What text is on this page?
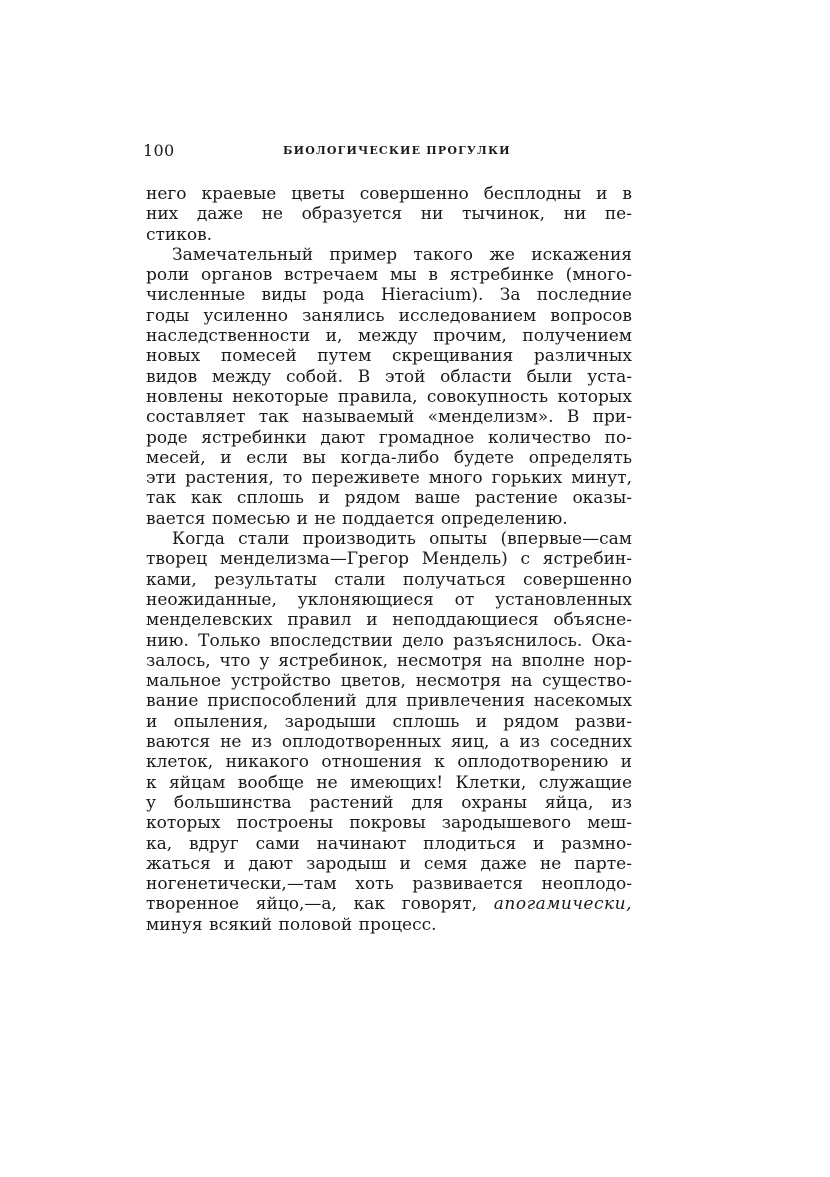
100	БИОЛОГИЧЕСКИЕ ПРОГУЛКИ
него краевые цветы совершенно бесплодны и в
них даже не образуется ни тычинок, ни пе-
стиков.
Замечательный пример такого же искажения
роли органов встречаем мы в ястребинке (много-
численные виды рода Hieracium). За последние
годы усиленно занялись исследованием вопросов
наследственности и, между прочим, получением
новых помесей путем скрещивания различных
видов между собой. В этой области были уста-
новлены некоторые правила, совокупность которых
составляет так называемый «менделизм». В при-
роде ястребинки дают громадное количество по-
месей, и если вы когда-либо будете определять
эти растения, то переживете много горьких минут,
так как сплошь и рядом ваше растение оказы-
вается помесью и не поддается определению.
Когда стали производить опыты (впервые—сам
творец менделизма—Грегор Мендель) с ястребин-
ками, результаты стали получаться совершенно
неожиданные, уклоняющиеся от установленных
менделевских правил и неподдающиеся объясне-
нию. Только впоследствии дело разъяснилось. Ока-
залось, что у ястребинок, несмотря на вполне нор-
мальное устройство цветов, несмотря на существо-
вание приспособлений для привлечения насекомых
и опыления, зародыши сплошь и рядом разви-
ваются не из оплодотворенных яиц, а из соседних
клеток, никакого отношения к оплодотворению и
к яйцам вообще не имеющих! Клетки, служащие
у большинства растений для охраны яйца, из
которых построены покровы зародышевого меш-
ка, вдруг сами начинают плодиться и размно-
жаться и дают зародыш и семя даже не парте-
ногенетически,—там хоть развивается неоплодо-
творенное яйцо,—а, как говорят, апогамически,
минуя всякий половой процесс.
